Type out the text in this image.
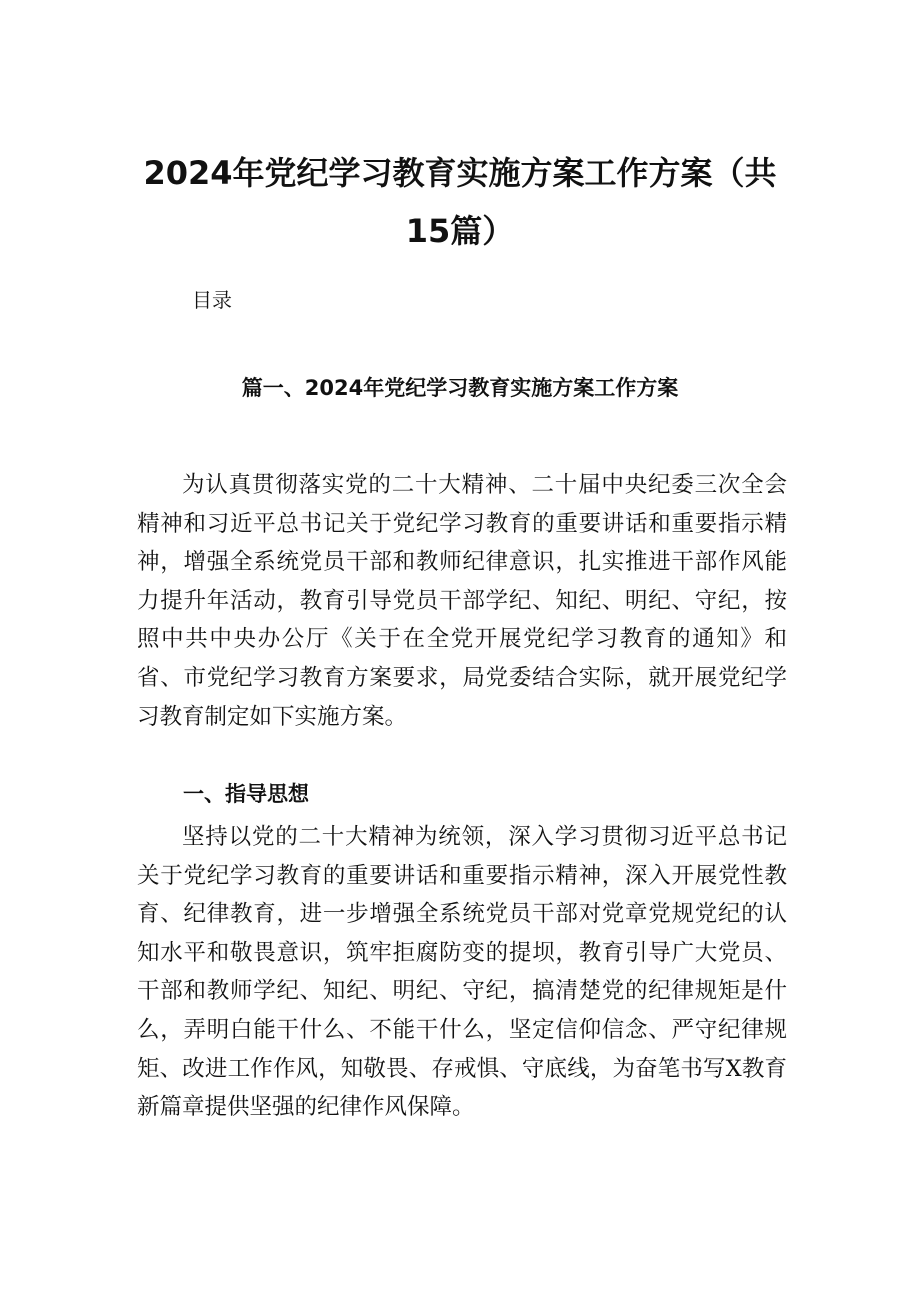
2024年党纪学习教育实施方案工作方案（共
15篇）

目录

篇一、2024年党纪学习教育实施方案工作方案

为认真贯彻落实党的二十大精神、二十届中央纪委三次全会精神和习近平总书记关于党纪学习教育的重要讲话和重要指示精神，增强全系统党员干部和教师纪律意识，扎实推进干部作风能力提升年活动，教育引导党员干部学纪、知纪、明纪、守纪，按照中共中央办公厅《关于在全党开展党纪学习教育的通知》和省、市党纪学习教育方案要求，局党委结合实际，就开展党纪学习教育制定如下实施方案。

一、指导思想

坚持以党的二十大精神为统领，深入学习贯彻习近平总书记关于党纪学习教育的重要讲话和重要指示精神，深入开展党性教育、纪律教育，进一步增强全系统党员干部对党章党规党纪的认知水平和敬畏意识，筑牢拒腐防变的提坝，教育引导广大党员、干部和教师学纪、知纪、明纪、守纪，搞清楚党的纪律规矩是什么，弄明白能干什么、不能干什么，坚定信仰信念、严守纪律规矩、改进工作作风，知敬畏、存戒惧、守底线，为奋笔书写X教育新篇章提供坚强的纪律作风保障。
